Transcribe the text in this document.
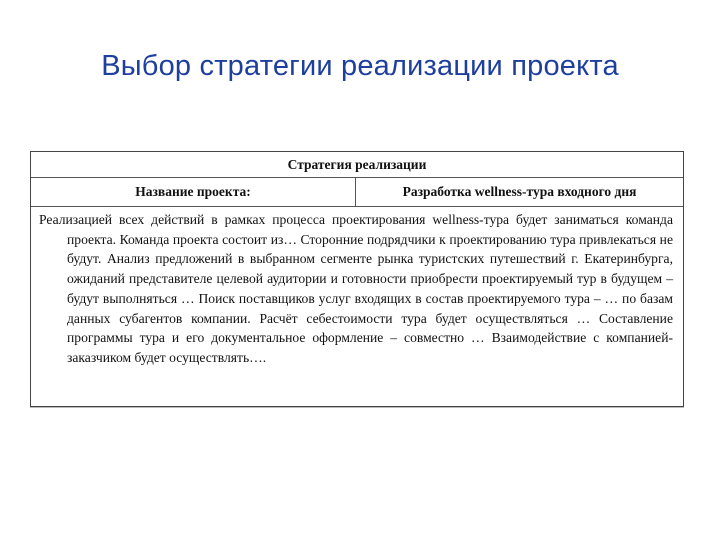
Выбор стратегии реализации проекта
Стратегия реализации
Название проекта:	Разработка wellness-тура входного дня
Реализацией всех действий в рамках процесса проектирования wellness-тура будет заниматься команда проекта. Команда проекта состоит из… Сторонние подрядчики к проектированию тура привлекаться не будут. Анализ предложений в выбранном сегменте рынка туристских путешествий г. Екатеринбурга, ожиданий представителе целевой аудитории и готовности приобрести проектируемый тур в будущем – будут выполняться … Поиск поставщиков услуг входящих в состав проектируемого тура – … по базам данных субагентов компании. Расчёт себестоимости тура будет осуществляться … Составление программы тура и его документальное оформление – совместно … Взаимодействие с компанией-заказчиком будет осуществлять….
